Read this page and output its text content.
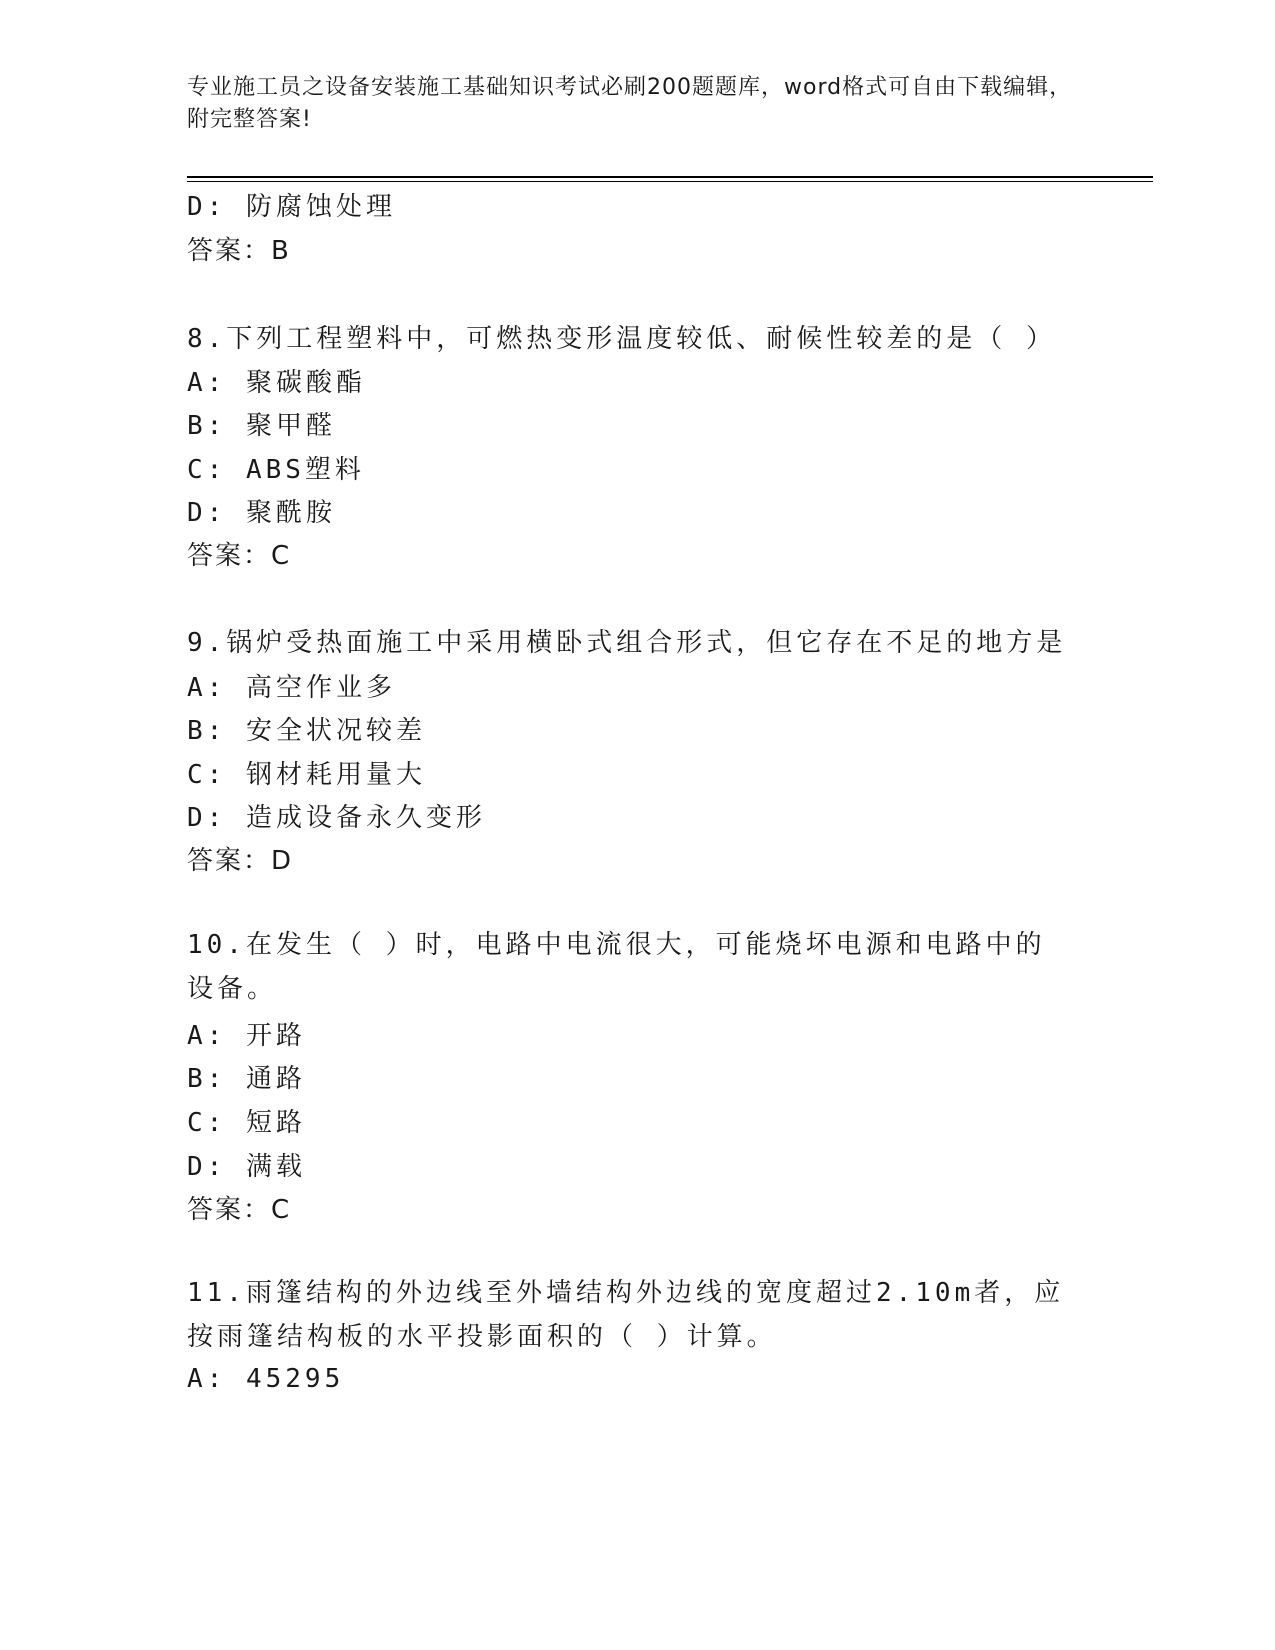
专业施工员之设备安装施工基础知识考试必刷200题题库，word格式可自由下载编辑，附完整答案!
D: 防腐蚀处理
答案：B
8.下列工程塑料中，可燃热变形温度较低、耐候性较差的是（ ）
A: 聚碳酸酯
B: 聚甲醛
C: ABS塑料
D: 聚酰胺
答案：C
9.锅炉受热面施工中采用横卧式组合形式，但它存在不足的地方是
A: 高空作业多
B: 安全状况较差
C: 钢材耗用量大
D: 造成设备永久变形
答案：D
10.在发生（ ）时，电路中电流很大，可能烧坏电源和电路中的设备。
A: 开路
B: 通路
C: 短路
D: 满载
答案：C
11.雨篷结构的外边线至外墙结构外边线的宽度超过2.10m者，应按雨篷结构板的水平投影面积的（ ）计算。
A: 45295
